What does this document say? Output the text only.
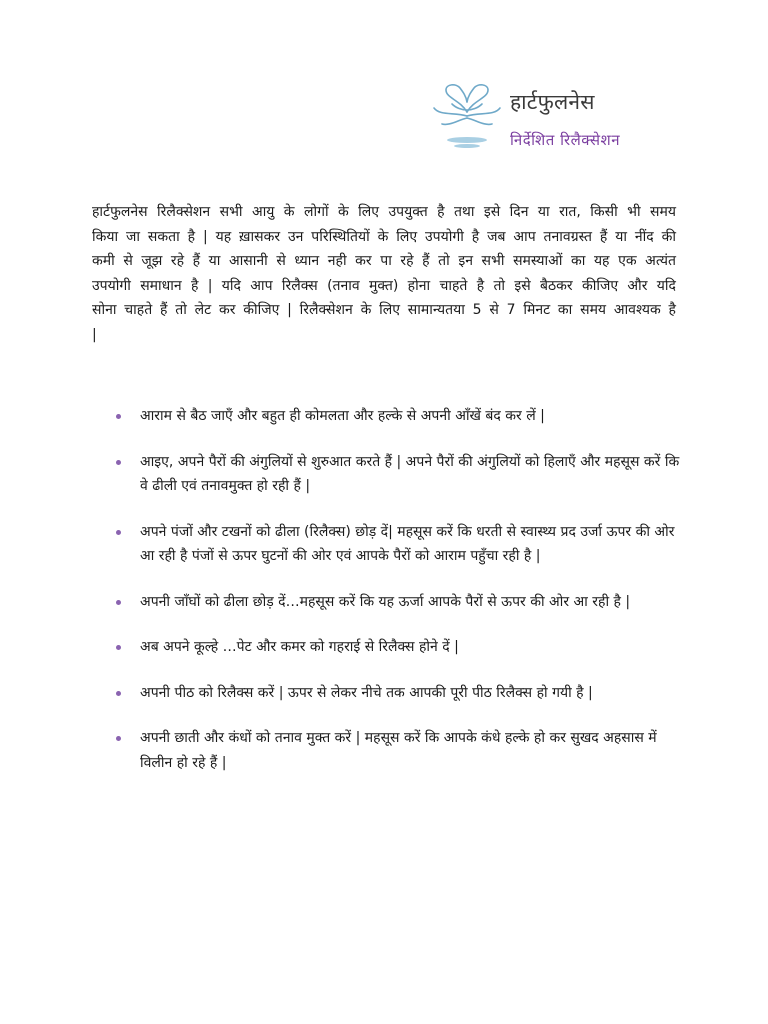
हार्टफुलनेस
निर्देशित रिलैक्सेशन

हार्टफुलनेस रिलैक्सेशन सभी आयु के लोगों के लिए उपयुक्त है तथा इसे दिन या रात, किसी भी समय किया जा सकता है | यह ख़ासकर उन परिस्थितियों के लिए उपयोगी है जब आप तनावग्रस्त हैं या नींद की कमी से जूझ रहे हैं या आसानी से ध्यान नही कर पा रहे हैं तो इन सभी समस्याओं का यह एक अत्यंत उपयोगी समाधान है | यदि आप रिलैक्स (तनाव मुक्त) होना चाहते है तो इसे बैठकर कीजिए और यदि सोना चाहते हैं तो लेट कर कीजिए | रिलैक्सेशन के लिए सामान्यतया 5 से 7 मिनट का समय आवश्यक है |

आराम से बैठ जाएँ और बहुत ही कोमलता और हल्के से अपनी आँखें बंद कर लें |
आइए, अपने पैरों की अंगुलियों से शुरुआत करते हैं | अपने पैरों की अंगुलियों को हिलाएँ और महसूस करें कि वे ढीली एवं तनावमुक्त हो रही हैं |
अपने पंजों और टखनों को ढीला (रिलैक्स) छोड़ दें| महसूस करें कि धरती से स्वास्थ्य प्रद उर्जा ऊपर की ओर आ रही है पंजों से ऊपर घुटनों की ओर एवं आपके पैरों को आराम पहुँचा रही है |
अपनी जाँघों को ढीला छोड़ दें…महसूस करें कि यह ऊर्जा आपके पैरों से ऊपर की ओर आ रही है |
अब अपने कूल्हे …पेट और कमर को गहराई से रिलैक्स होने दें |
अपनी पीठ को रिलैक्स करें | ऊपर से लेकर नीचे तक आपकी पूरी पीठ रिलैक्स हो गयी है |
अपनी छाती और कंधों को तनाव मुक्त करें | महसूस करें कि आपके कंधे हल्के हो कर सुखद अहसास में विलीन हो रहे हैं |
